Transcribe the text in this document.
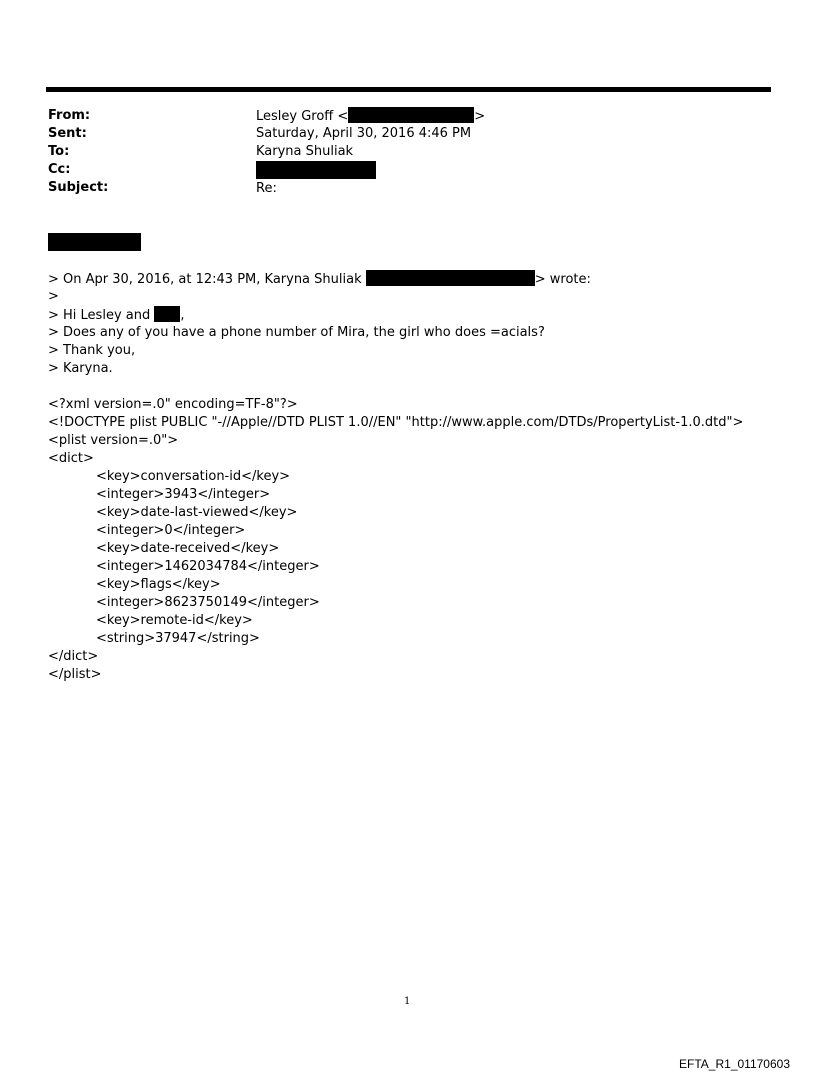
From:	Lesley Groff <	>
Sent:	Saturday, April 30, 2016 4:46 PM
To:	Karyna Shuliak
Cc:
Subject:	Re:
> On Apr 30, 2016, at 12:43 PM, Karyna Shuliak	> wrote:
>
> Hi Lesley and ,
> Does any of you have a phone number of Mira, the girl who does =acials?
> Thank you,
> Karyna.
<?xml version=.0" encoding=TF-8"?>
<!DOCTYPE plist PUBLIC "-//Apple//DTD PLIST 1.0//EN" "http://www.apple.com/DTDs/PropertyList-1.0.dtd">
<plist version=.0">
<dict>
<key>conversation-id</key>
<integer>3943</integer>
<key>date-last-viewed</key>
<integer>0</integer>
<key>date-received</key>
<integer>1462034784</integer>
<key>flags</key>
<integer>8623750149</integer>
<key>remote-id</key>
<string>37947</string>
</dict>
</plist>
1
EFTA_R1_01170603
